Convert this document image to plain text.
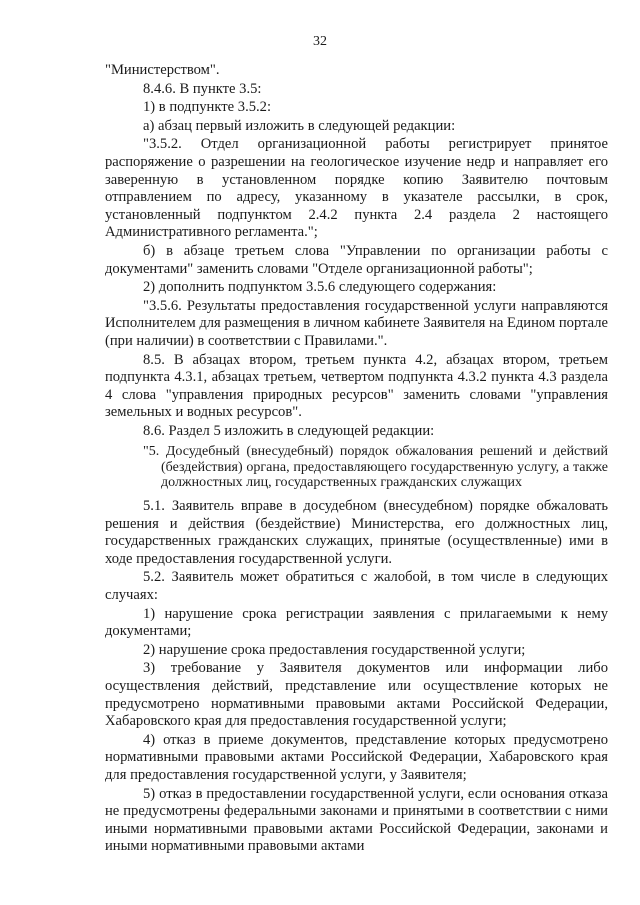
32

"Министерством".

8.4.6. В пункте 3.5:

1) в подпункте 3.5.2:

а) абзац первый изложить в следующей редакции:

"3.5.2. Отдел организационной работы регистрирует принятое распоряжение о разрешении на геологическое изучение недр и направляет его заверенную в установленном порядке копию Заявителю почтовым отправлением по адресу, указанному в указателе рассылки, в срок, установленный подпунктом 2.4.2 пункта 2.4 раздела 2 настоящего Административного регламента.";

б) в абзаце третьем слова "Управлении по организации работы с документами" заменить словами "Отделе организационной работы";

2) дополнить подпунктом 3.5.6 следующего содержания:

"3.5.6. Результаты предоставления государственной услуги направляются Исполнителем для размещения в личном кабинете Заявителя на Едином портале (при наличии) в соответствии с Правилами.".

8.5. В абзацах втором, третьем пункта 4.2, абзацах втором, третьем подпункта 4.3.1, абзацах третьем, четвертом подпункта 4.3.2 пункта 4.3 раздела 4 слова "управления природных ресурсов" заменить словами "управления земельных и водных ресурсов".

8.6. Раздел 5 изложить в следующей редакции:

"5. Досудебный (внесудебный) порядок обжалования решений и действий (бездействия) органа, предоставляющего государственную услугу, а также должностных лиц, государственных гражданских служащих

5.1. Заявитель вправе в досудебном (внесудебном) порядке обжаловать решения и действия (бездействие) Министерства, его должностных лиц, государственных гражданских служащих, принятые (осуществленные) ими в ходе предоставления государственной услуги.

5.2. Заявитель может обратиться с жалобой, в том числе в следующих случаях:

1) нарушение срока регистрации заявления с прилагаемыми к нему документами;

2) нарушение срока предоставления государственной услуги;

3) требование у Заявителя документов или информации либо осуществления действий, представление или осуществление которых не предусмотрено нормативными правовыми актами Российской Федерации, Хабаровского края для предоставления государственной услуги;

4) отказ в приеме документов, представление которых предусмотрено нормативными правовыми актами Российской Федерации, Хабаровского края для предоставления государственной услуги, у Заявителя;

5) отказ в предоставлении государственной услуги, если основания отказа не предусмотрены федеральными законами и принятыми в соответствии с ними иными нормативными правовыми актами Российской Федерации, законами и иными нормативными правовыми актами
